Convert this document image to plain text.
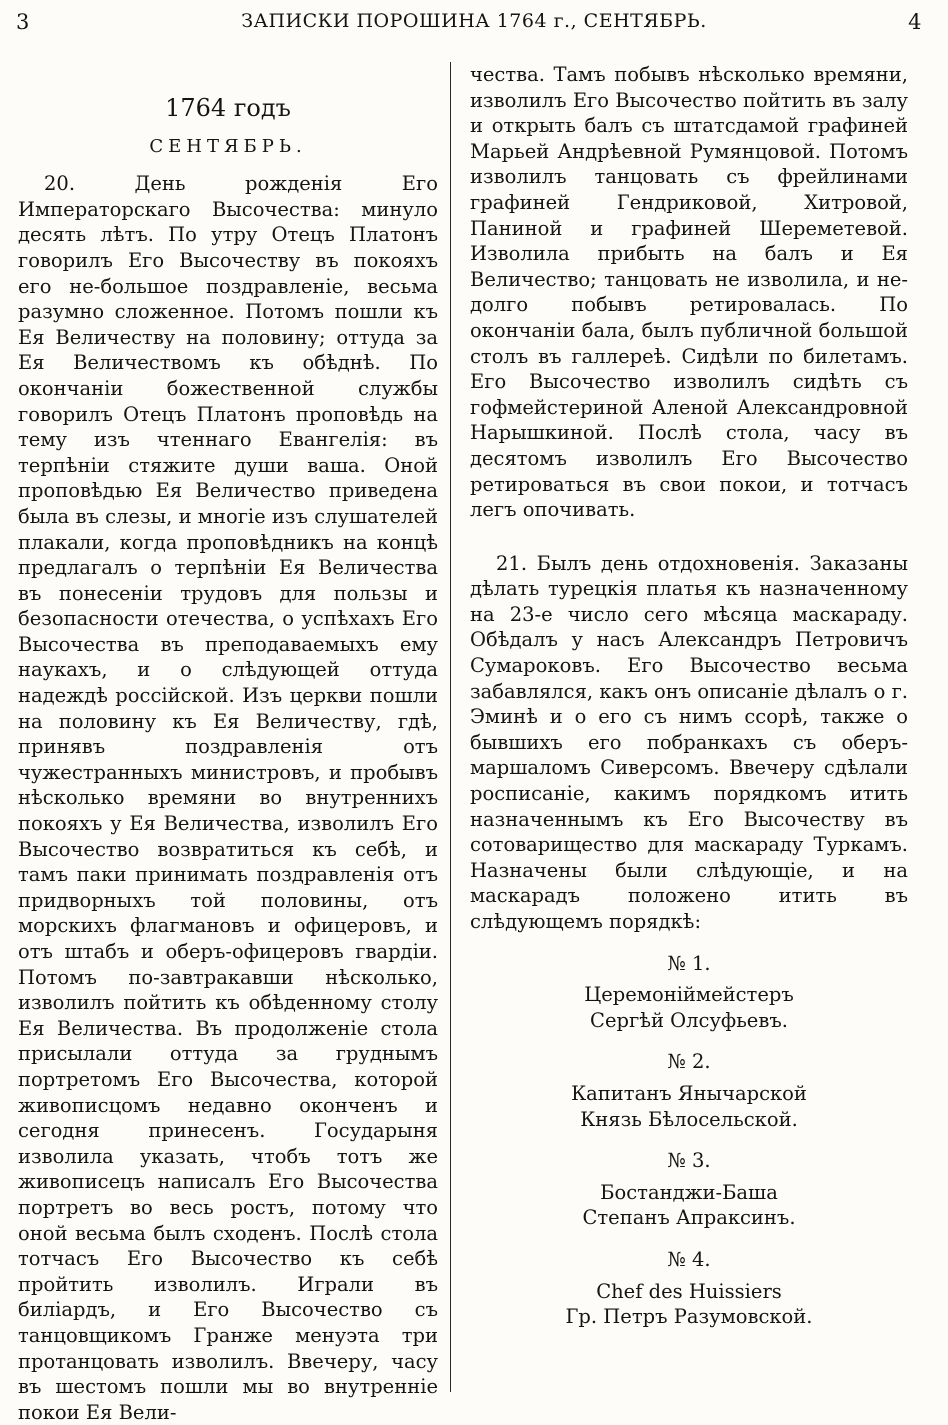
3	ЗАПИСКИ ПОРОШИНА 1764 г., СЕНТЯБРЬ.	4
1764 годъ
СЕНТЯБРЬ.

20. День рожденія Его Императорскаго Высочества: минуло десять лѣтъ. По утру Отецъ Платонъ говорилъ Его Высочеству въ покояхъ его не-большое поздравленіе, весьма разумно сложенное. Потомъ пошли къ Ея Величеству на половину; оттуда за Ея Величествомъ къ обѣднѣ. По окончаніи божественной службы говорилъ Отецъ Платонъ проповѣдь на тему изъ чтеннаго Евангелія: въ терпѣніи стяжите души ваша. Оной проповѣдью Ея Величество приведена была въ слезы, и многіе изъ слушателей плакали, когда проповѣдникъ на концѣ предлагалъ о терпѣніи Ея Величества въ понесеніи трудовъ для пользы и безопасности отечества, о успѣхахъ Его Высочества въ преподаваемыхъ ему наукахъ, и о слѣдующей оттуда надеждѣ россійской. Изъ церкви пошли на половину къ Ея Величеству, гдѣ, принявъ поздравленія отъ чужестранныхъ министровъ, и пробывъ нѣсколько времяни во внутреннихъ покояхъ у Ея Величества, изволилъ Его Высочество возвратиться къ себѣ, и тамъ паки принимать поздравленія отъ придворныхъ той половины, отъ морскихъ флагмановъ и офицеровъ, и отъ штабъ и оберъ-офицеровъ гвардіи. Потомъ по-завтракавши нѣсколько, изволилъ пойтить къ обѣденному столу Ея Величества. Въ продолженіе стола присылали оттуда за груднымъ портретомъ Его Высочества, которой живописцомъ недавно оконченъ и сегодня принесенъ. Государыня изволила указать, чтобъ тотъ же живописецъ написалъ Его Высочества портретъ во весь ростъ, потому что оной весьма былъ сходенъ. Послѣ стола тотчасъ Его Высочество къ себѣ пройтить изволилъ. Играли въ биліардъ, и Его Высочество съ танцовщикомъ Гранже менуэта три протанцовать изволилъ. Ввечеру, часу въ шестомъ пошли мы во внутренніе покои Ея Вели-

чества. Тамъ побывъ нѣсколько времяни, изволилъ Его Высочество пойтить въ залу и открыть балъ съ штатсдамой графиней Марьей Андрѣевной Румянцовой. Потомъ изволилъ танцовать съ фрейлинами графиней Гендриковой, Хитровой, Паниной и графиней Шереметевой. Изволила прибыть на балъ и Ея Величество; танцовать не изволила, и не-долго побывъ ретировалась. По окончаніи бала, былъ публичной большой столъ въ галлереѣ. Сидѣли по билетамъ. Его Высочество изволилъ сидѣть съ гофмейстериной Аленой Александровной Нарышкиной. Послѣ стола, часу въ десятомъ изволилъ Его Высочество ретироваться въ свои покои, и тотчасъ легъ опочивать.

21. Былъ день отдохновенія. Заказаны дѣлать турецкія платья къ назначенному на 23-е число сего мѣсяца маскараду. Обѣдалъ у насъ Александръ Петровичъ Сумароковъ. Его Высочество весьма забавлялся, какъ онъ описаніе дѣлалъ о г. Эминѣ и о его съ нимъ ссорѣ, также о бывшихъ его побранкахъ съ оберъ-маршаломъ Сиверсомъ. Ввечеру сдѣлали росписаніе, какимъ порядкомъ итить назначеннымъ къ Его Высочеству въ сотоварищество для маскараду Туркамъ. Назначены были слѣдующіе, и на маскарадъ положено итить въ слѣдующемъ порядкѣ:

№ 1.
Церемоніймейстеръ
Сергѣй Олсуфьевъ.
№ 2.
Капитанъ Янычарской
Князь Бѣлосельской.
№ 3.
Бостанджи-Баша
Степанъ Апраксинъ.
№ 4.
Chef des Huissiers
Гр. Петръ Разумовской.
